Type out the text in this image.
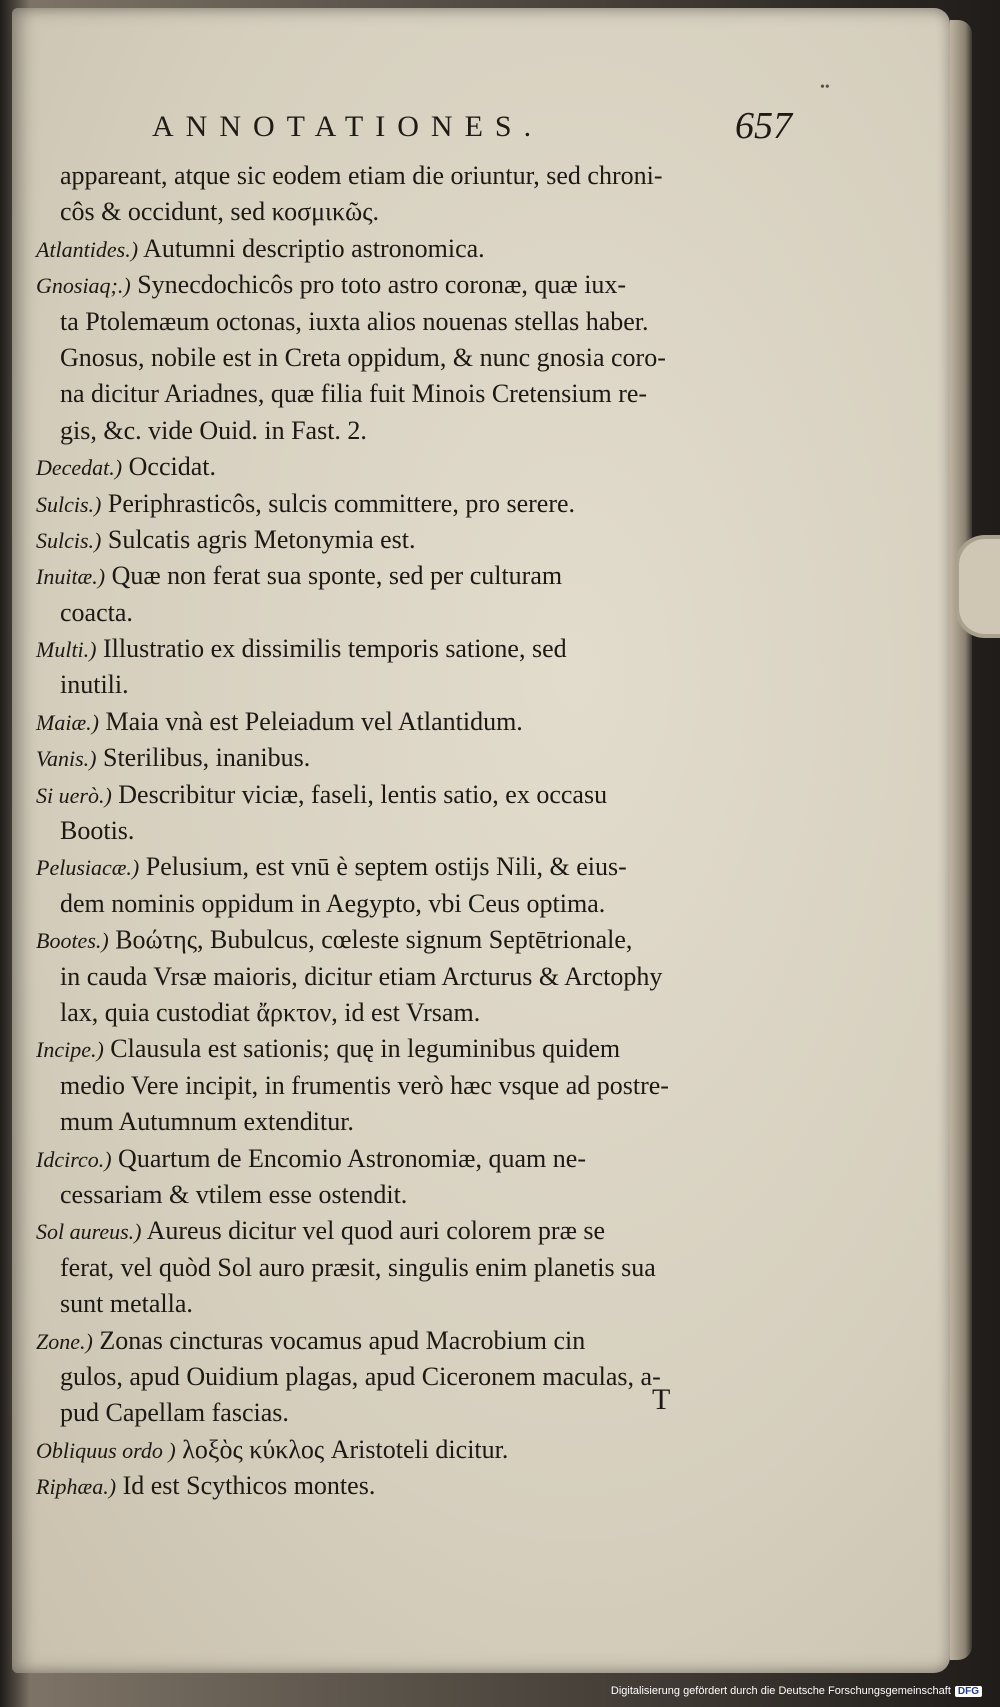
••
ANNOTATIONES.	657
appareant, atque sic eodem etiam die oriuntur, sed chroni-
côs & occidunt, sed κοσμικῶς.
Atlantides.) Autumni descriptio astronomica.
Gnosiaq;.) Synecdochicôs pro toto astro coronæ, quæ iux-
ta Ptolemæum octonas, iuxta alios nouenas stellas haber.
Gnosus, nobile est in Creta oppidum, & nunc gnosia coro-
na dicitur Ariadnes, quæ filia fuit Minois Cretensium re-
gis, &c. vide Ouid. in Fast. 2.
Decedat.) Occidat.
Sulcis.) Periphrasticôs, sulcis committere, pro serere.
Sulcis.) Sulcatis agris Metonymia est.
Inuitæ.) Quæ non ferat sua sponte, sed per culturam
coacta.
Multi.) Illustratio ex dissimilis temporis satione, sed
inutili.
Maiæ.) Maia vnà est Peleiadum vel Atlantidum.
Vanis.) Sterilibus, inanibus.
Si uerò.) Describitur viciæ, faseli, lentis satio, ex occasu
Bootis.
Pelusiacæ.) Pelusium, est vnū è septem ostijs Nili, & eius-
dem nominis oppidum in Aegypto, vbi Ceus optima.
Bootes.) Βοώτης, Bubulcus, cœleste signum Septētrionale,
in cauda Vrsæ maioris, dicitur etiam Arcturus & Arctophy
lax, quia custodiat ἄρκτον, id est Vrsam.
Incipe.) Clausula est sationis; quę in leguminibus quidem
medio Vere incipit, in frumentis verò hæc vsque ad postre-
mum Autumnum extenditur.
Idcirco.) Quartum de Encomio Astronomiæ, quam ne-
cessariam & vtilem esse ostendit.
Sol aureus.) Aureus dicitur vel quod auri colorem præ se
ferat, vel quòd Sol auro præsit, singulis enim planetis sua
sunt metalla.
Zone.) Zonas cincturas vocamus apud Macrobium cin
gulos, apud Ouidium plagas, apud Ciceronem maculas, a-
pud Capellam fascias.
Obliquus ordo ) λοξὸς κύκλος Aristoteli dicitur.
Riphæa.) Id est Scythicos montes.
T
Digitalisierung gefördert durch die Deutsche Forschungsgemeinschaft DFG
